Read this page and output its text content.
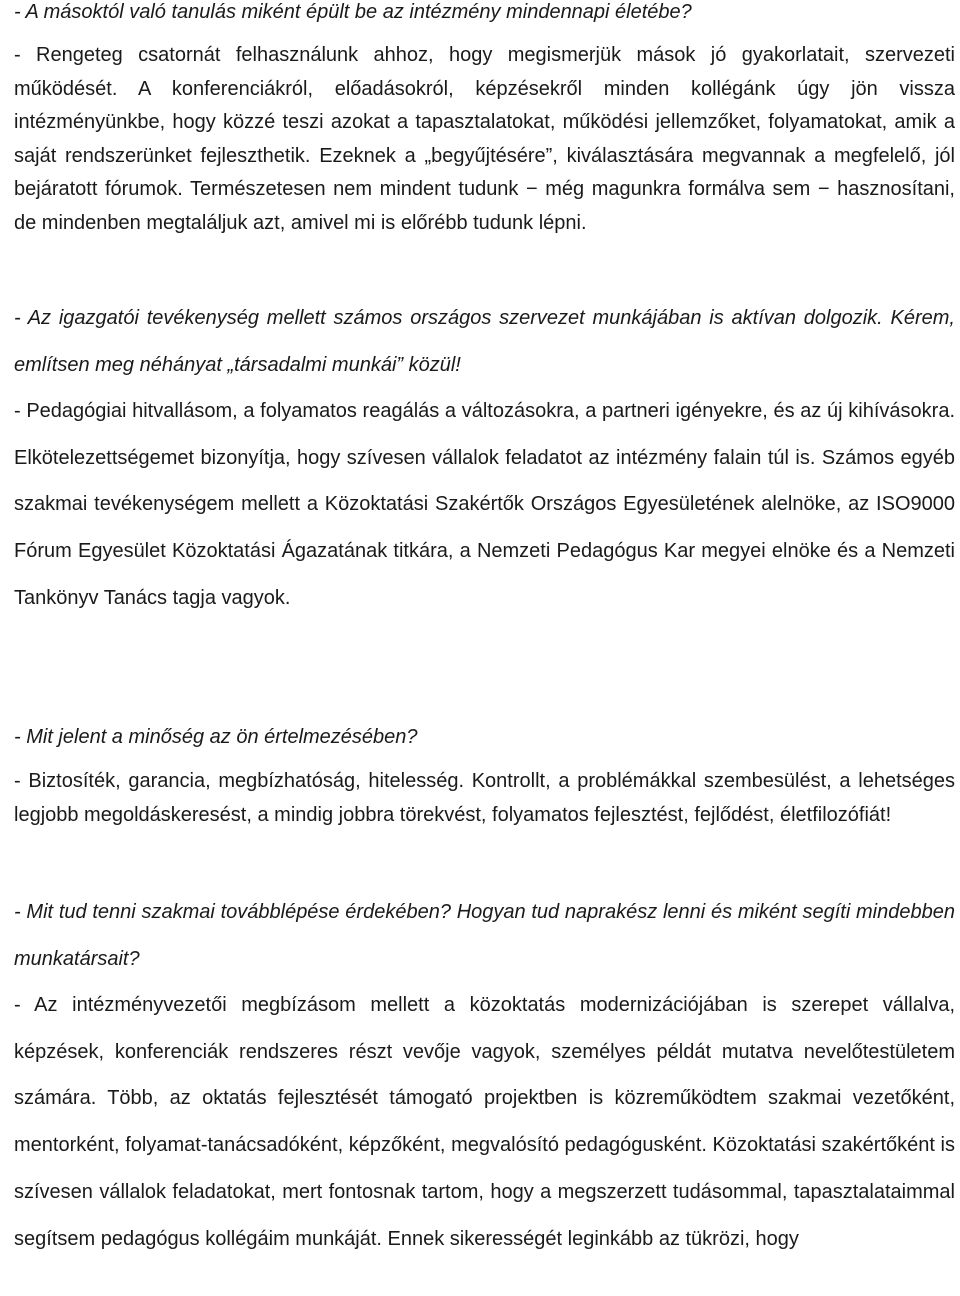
- A másoktól való tanulás miként épült be az intézmény mindennapi életébe?

- Rengeteg csatornát felhasználunk ahhoz, hogy megismerjük mások jó gyakorlatait, szervezeti működését. A konferenciákról, előadásokról, képzésekről minden kollégánk úgy jön vissza intézményünkbe, hogy közzé teszi azokat a tapasztalatokat, működési jellemzőket, folyamatokat, amik a saját rendszerünket fejleszthetik. Ezeknek a „begyűjtésére”, kiválasztására megvannak a megfelelő, jól bejáratott fórumok. Természetesen nem mindent tudunk − még magunkra formálva sem − hasznosítani, de mindenben megtaláljuk azt, amivel mi is előrébb tudunk lépni.

- Az igazgatói tevékenység mellett számos országos szervezet munkájában is aktívan dolgozik. Kérem, említsen meg néhányat „társadalmi munkái” közül!

- Pedagógiai hitvallásom, a folyamatos reagálás a változásokra, a partneri igényekre, és az új kihívásokra. Elkötelezettségemet bizonyítja, hogy szívesen vállalok feladatot az intézmény falain túl is. Számos egyéb szakmai tevékenységem mellett a Közoktatási Szakértők Országos Egyesületének alelnöke, az ISO9000 Fórum Egyesület Közoktatási Ágazatának titkára, a Nemzeti Pedagógus Kar megyei elnöke és a Nemzeti Tankönyv Tanács tagja vagyok.

- Mit jelent a minőség az ön értelmezésében?

- Biztosíték, garancia, megbízhatóság, hitelesség. Kontrollt, a problémákkal szembesülést, a lehetséges legjobb megoldáskeresést, a mindig jobbra törekvést, folyamatos fejlesztést, fejlődést, életfilozófiát!

- Mit tud tenni szakmai továbblépése érdekében? Hogyan tud naprakész lenni és miként segíti mindebben munkatársait?

- Az intézményvezetői megbízásom mellett a közoktatás modernizációjában is szerepet vállalva, képzések, konferenciák rendszeres részt vevője vagyok, személyes példát mutatva nevelőtestületem számára. Több, az oktatás fejlesztését támogató projektben is közreműködtem szakmai vezetőként, mentorként, folyamat-tanácsadóként, képzőként, megvalósító pedagógusként. Közoktatási szakértőként is szívesen vállalok feladatokat, mert fontosnak tartom, hogy a megszerzett tudásommal, tapasztalataimmal segítsem pedagógus kollégáim munkáját. Ennek sikerességét leginkább az tükrözi, hogy
